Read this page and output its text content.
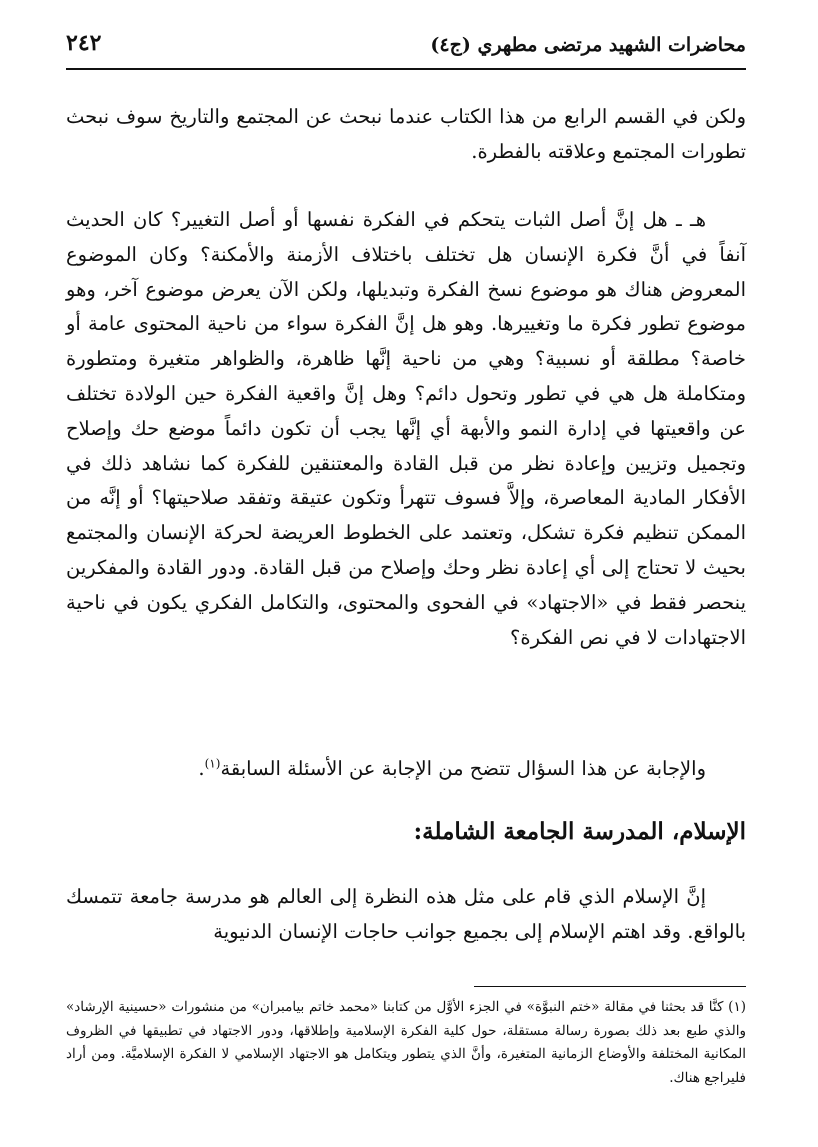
محاضرات الشهيد مرتضى مطهري (ج٤)
٢٤٢
ولكن في القسم الرابع من هذا الكتاب عندما نبحث عن المجتمع والتاريخ سوف نبحث تطورات المجتمع وعلاقته بالفطرة.
هـ ـ هل إنَّ أصل الثبات يتحكم في الفكرة نفسها أو أصل التغيير؟ كان الحديث آنفاً في أنَّ فكرة الإنسان هل تختلف باختلاف الأزمنة والأمكنة؟ وكان الموضوع المعروض هناك هو موضوع نسخ الفكرة وتبديلها، ولكن الآن يعرض موضوع آخر، وهو موضوع تطور فكرة ما وتغييرها. وهو هل إنَّ الفكرة سواء من ناحية المحتوى عامة أو خاصة؟ مطلقة أو نسبية؟ وهي من ناحية إنَّها ظاهرة، والظواهر متغيرة ومتطورة ومتكاملة هل هي في تطور وتحول دائم؟ وهل إنَّ واقعية الفكرة حين الولادة تختلف عن واقعيتها في إدارة النمو والأبهة أي إنَّها يجب أن تكون دائماً موضع حك وإصلاح وتجميل وتزيين وإعادة نظر من قبل القادة والمعتنقين للفكرة كما نشاهد ذلك في الأفكار المادية المعاصرة، وإلاَّ فسوف تتهرأ وتكون عتيقة وتفقد صلاحيتها؟ أو إنَّه من الممكن تنظيم فكرة تشكل، وتعتمد على الخطوط العريضة لحركة الإنسان والمجتمع بحيث لا تحتاج إلى أي إعادة نظر وحك وإصلاح من قبل القادة. ودور القادة والمفكرين ينحصر فقط في «الاجتهاد» في الفحوى والمحتوى، والتكامل الفكري يكون في ناحية الاجتهادات لا في نص الفكرة؟
والإجابة عن هذا السؤال تتضح من الإجابة عن الأسئلة السابقة$^{(١)}$.
الإسلام، المدرسة الجامعة الشاملة:
إنَّ الإسلام الذي قام على مثل هذه النظرة إلى العالم هو مدرسة جامعة تتمسك بالواقع. وقد اهتم الإسلام إلى بجميع جوانب حاجات الإنسان الدنيوية
(١) كنَّا قد بحثنا في مقالة «ختم النبوَّة» في الجزء الأوَّل من كتابنا «محمد خاتم بيامبران» من منشورات «حسينية الإرشاد» والذي طبع بعد ذلك بصورة رسالة مستقلة، حول كلية الفكرة الإسلامية وإطلاقها، ودور الاجتهاد في تطبيقها في الظروف المكانية المختلفة والأوضاع الزمانية المتغيرة، وأنَّ الذي يتطور ويتكامل هو الاجتهاد الإسلامي لا الفكرة الإسلاميَّة. ومن أراد فليراجع هناك.
